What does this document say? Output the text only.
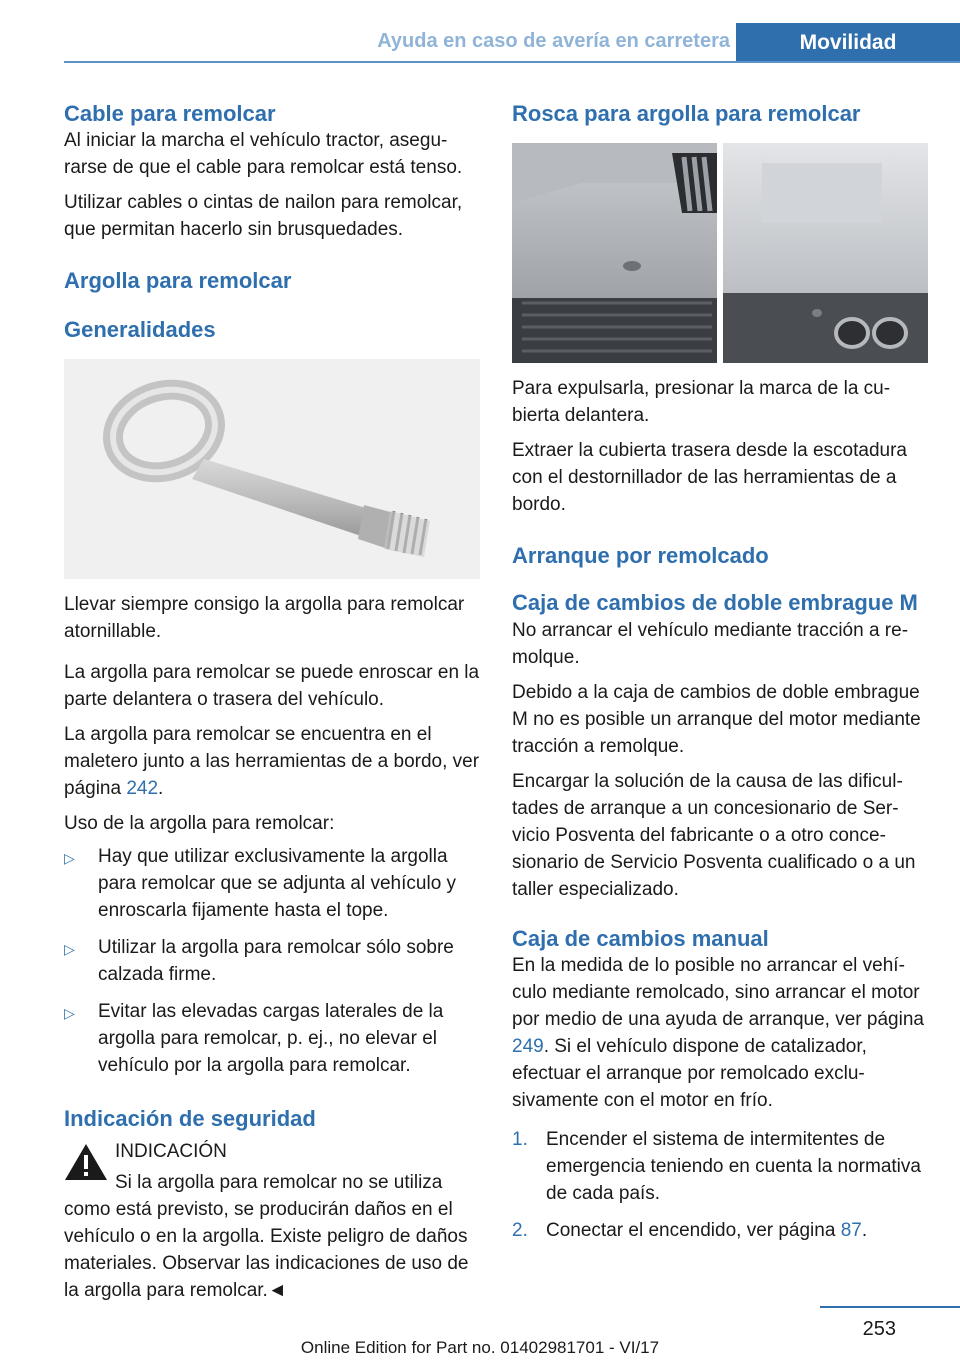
Ayuda en caso de avería en carretera	Movilidad
Cable para remolcar

Al iniciar la marcha el vehículo tractor, asegurarse de que el cable para remolcar está tenso.

Utilizar cables o cintas de nailon para remolcar, que permitan hacerlo sin brusquedades.

Argolla para remolcar
Generalidades

Llevar siempre consigo la argolla para remolcar atornillable.

La argolla para remolcar se puede enroscar en la parte delantera o trasera del vehículo.

La argolla para remolcar se encuentra en el maletero junto a las herramientas de a bordo, ver página 242.

Uso de la argolla para remolcar:

▷	Hay que utilizar exclusivamente la argolla para remolcar que se adjunta al vehículo y enroscarla fijamente hasta el tope.
▷	Utilizar la argolla para remolcar sólo sobre calzada firme.
▷	Evitar las elevadas cargas laterales de la argolla para remolcar, p. ej., no elevar el vehículo por la argolla para remolcar.
Indicación de seguridad

INDICACIÓN

Si la argolla para remolcar no se utiliza como está previsto, se producirán daños en el vehículo o en la argolla. Existe peligro de daños materiales. Observar las indicaciones de uso de la argolla para remolcar.◄

Rosca para argolla para remolcar

Para expulsarla, presionar la marca de la cubierta delantera.

Extraer la cubierta trasera desde la escotadura con el destornillador de las herramientas de a bordo.

Arranque por remolcado
Caja de cambios de doble embrague M

No arrancar el vehículo mediante tracción a remolque.

Debido a la caja de cambios de doble embrague M no es posible un arranque del motor mediante tracción a remolque.

Encargar la solución de la causa de las dificultades de arranque a un concesionario de Servicio Posventa del fabricante o a otro concesionario de Servicio Posventa cualificado o a un taller especializado.

Caja de cambios manual

En la medida de lo posible no arrancar el vehículo mediante remolcado, sino arrancar el motor por medio de una ayuda de arranque, ver página 249. Si el vehículo dispone de catalizador, efectuar el arranque por remolcado exclusivamente con el motor en frío.

1. Encender el sistema de intermitentes de emergencia teniendo en cuenta la normativa de cada país.
2. Conectar el encendido, ver página 87.
253
Online Edition for Part no. 01402981701 - VI/17
